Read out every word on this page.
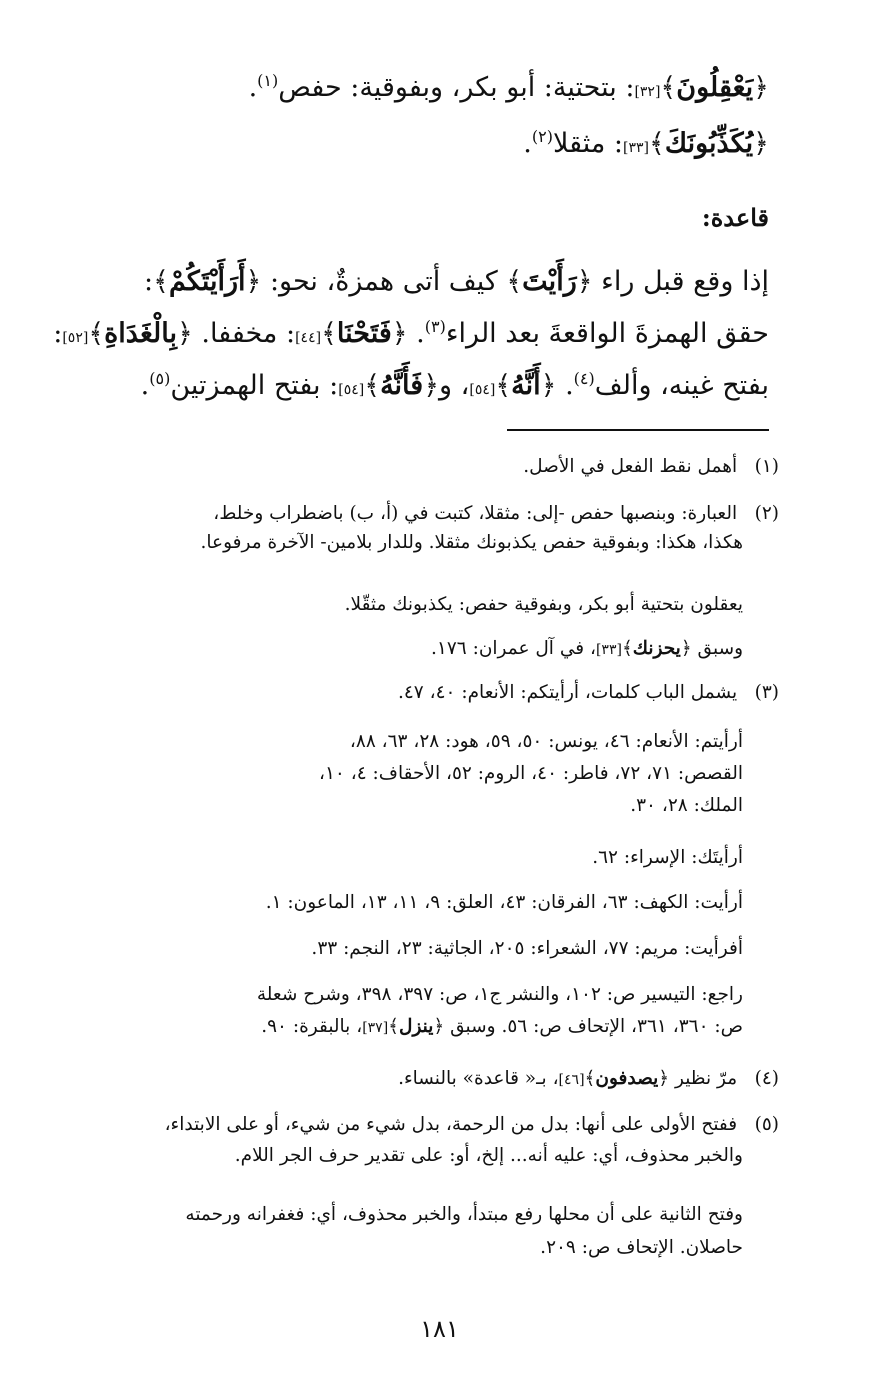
﴿يَعْقِلُونَ﴾[٣٢]: بتحتية: أبو بكر، وبفوقية: حفص$^{(١)}$.
﴿يُكَذِّبُونَكَ﴾[٣٣]: مثقلا$^{(٢)}$.
قاعدة:
إذا وقع قبل راء ﴿رَأَيْتَ﴾ كيف أتى همزةٌ، نحو: ﴿أَرَأَيْتَكُمْ﴾:
حقق الهمزةَ الواقعةَ بعد الراء$^{(٣)}$. ﴿فَتَحْنَا﴾[٤٤]: مخففا. ﴿بِالْغَدَاةِ﴾[٥٢]:
بفتح غينه، وألف$^{(٤)}$. ﴿أَنَّهُ﴾[٥٤]، و﴿فَأَنَّهُ﴾[٥٤]: بفتح الهمزتين$^{(٥)}$.
(١) أهمل نقط الفعل في الأصل.
(٢) العبارة: وبنصبها حفص -إلى: مثقلا، كتبت في (أ، ب) باضطراب وخلط،
هكذا، هكذا: وبفوقية حفص يكذبونك مثقلا. وللدار بلامين- الآخرة مرفوعا.
يعقلون بتحتية أبو بكر، وبفوقية حفص: يكذبونك مثقّلا.
وسبق ﴿يحزنك﴾[٣٣]، في آل عمران: ١٧٦.
(٣) يشمل الباب كلمات، أرأيتكم: الأنعام: ٤٠، ٤٧.
أرأيتم: الأنعام: ٤٦، يونس: ٥٠، ٥٩، هود: ٢٨، ٦٣، ٨٨،
القصص: ٧١، ٧٢، فاطر: ٤٠، الروم: ٥٢، الأحقاف: ٤، ١٠،
الملك: ٢٨، ٣٠.
أرأيتَك: الإسراء: ٦٢.
أرأيت: الكهف: ٦٣، الفرقان: ٤٣، العلق: ٩، ١١، ١٣، الماعون: ١.
أفرأيت: مريم: ٧٧، الشعراء: ٢٠٥، الجاثية: ٢٣، النجم: ٣٣.
راجع: التيسير ص: ١٠٢، والنشر ج١، ص: ٣٩٧، ٣٩٨، وشرح شعلة
ص: ٣٦٠، ٣٦١، الإتحاف ص: ٥٦. وسبق ﴿ينزل﴾[٣٧]، بالبقرة: ٩٠.
(٤) مرّ نظير ﴿يصدفون﴾[٤٦]، بـ« قاعدة» بالنساء.
(٥) ففتح الأولى على أنها: بدل من الرحمة، بدل شيء من شيء، أو على الابتداء،
والخبر محذوف، أي: عليه أنه... إلخ، أو: على تقدير حرف الجر اللام.
وفتح الثانية على أن محلها رفع مبتدأ، والخبر محذوف، أي: فغفرانه ورحمته
حاصلان. الإتحاف ص: ٢٠٩.
١٨١
